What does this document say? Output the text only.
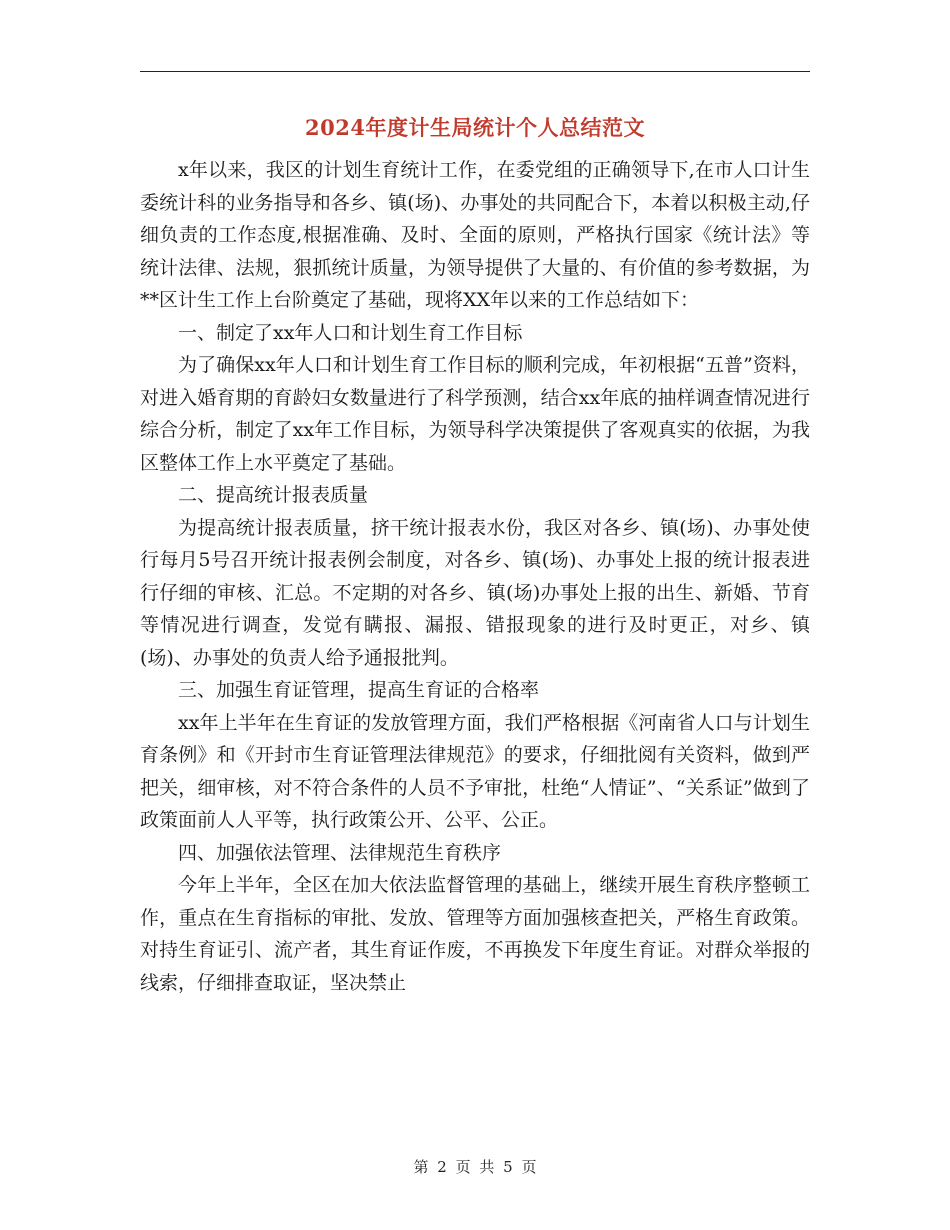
2024年度计生局统计个人总结范文

x年以来，我区的计划生育统计工作，在委党组的正确领导下,在市人口计生委统计科的业务指导和各乡、镇(场)、办事处的共同配合下，本着以积极主动,仔细负责的工作态度,根据准确、及时、全面的原则，严格执行国家《统计法》等统计法律、法规，狠抓统计质量，为领导提供了大量的、有价值的参考数据，为**区计生工作上台阶奠定了基础，现将XX年以来的工作总结如下：

一、制定了xx年人口和计划生育工作目标

为了确保xx年人口和计划生育工作目标的顺利完成，年初根据“五普”资料，对进入婚育期的育龄妇女数量进行了科学预测，结合xx年底的抽样调查情况进行综合分析，制定了xx年工作目标，为领导科学决策提供了客观真实的依据，为我区整体工作上水平奠定了基础。

二、提高统计报表质量

为提高统计报表质量，挤干统计报表水份，我区对各乡、镇(场)、办事处使行每月5号召开统计报表例会制度，对各乡、镇(场)、办事处上报的统计报表进行仔细的审核、汇总。不定期的对各乡、镇(场)办事处上报的出生、新婚、节育等情况进行调查，发觉有瞒报、漏报、错报现象的进行及时更正，对乡、镇(场)、办事处的负责人给予通报批判。

三、加强生育证管理，提高生育证的合格率

xx年上半年在生育证的发放管理方面，我们严格根据《河南省人口与计划生育条例》和《开封市生育证管理法律规范》的要求，仔细批阅有关资料，做到严把关，细审核，对不符合条件的人员不予审批，杜绝“人情证”、“关系证”做到了政策面前人人平等，执行政策公开、公平、公正。

四、加强依法管理、法律规范生育秩序

今年上半年，全区在加大依法监督管理的基础上，继续开展生育秩序整顿工作，重点在生育指标的审批、发放、管理等方面加强核查把关，严格生育政策。对持生育证引、流产者，其生育证作废，不再换发下年度生育证。对群众举报的线索，仔细排查取证，坚决禁止

第 2 页 共 5 页
